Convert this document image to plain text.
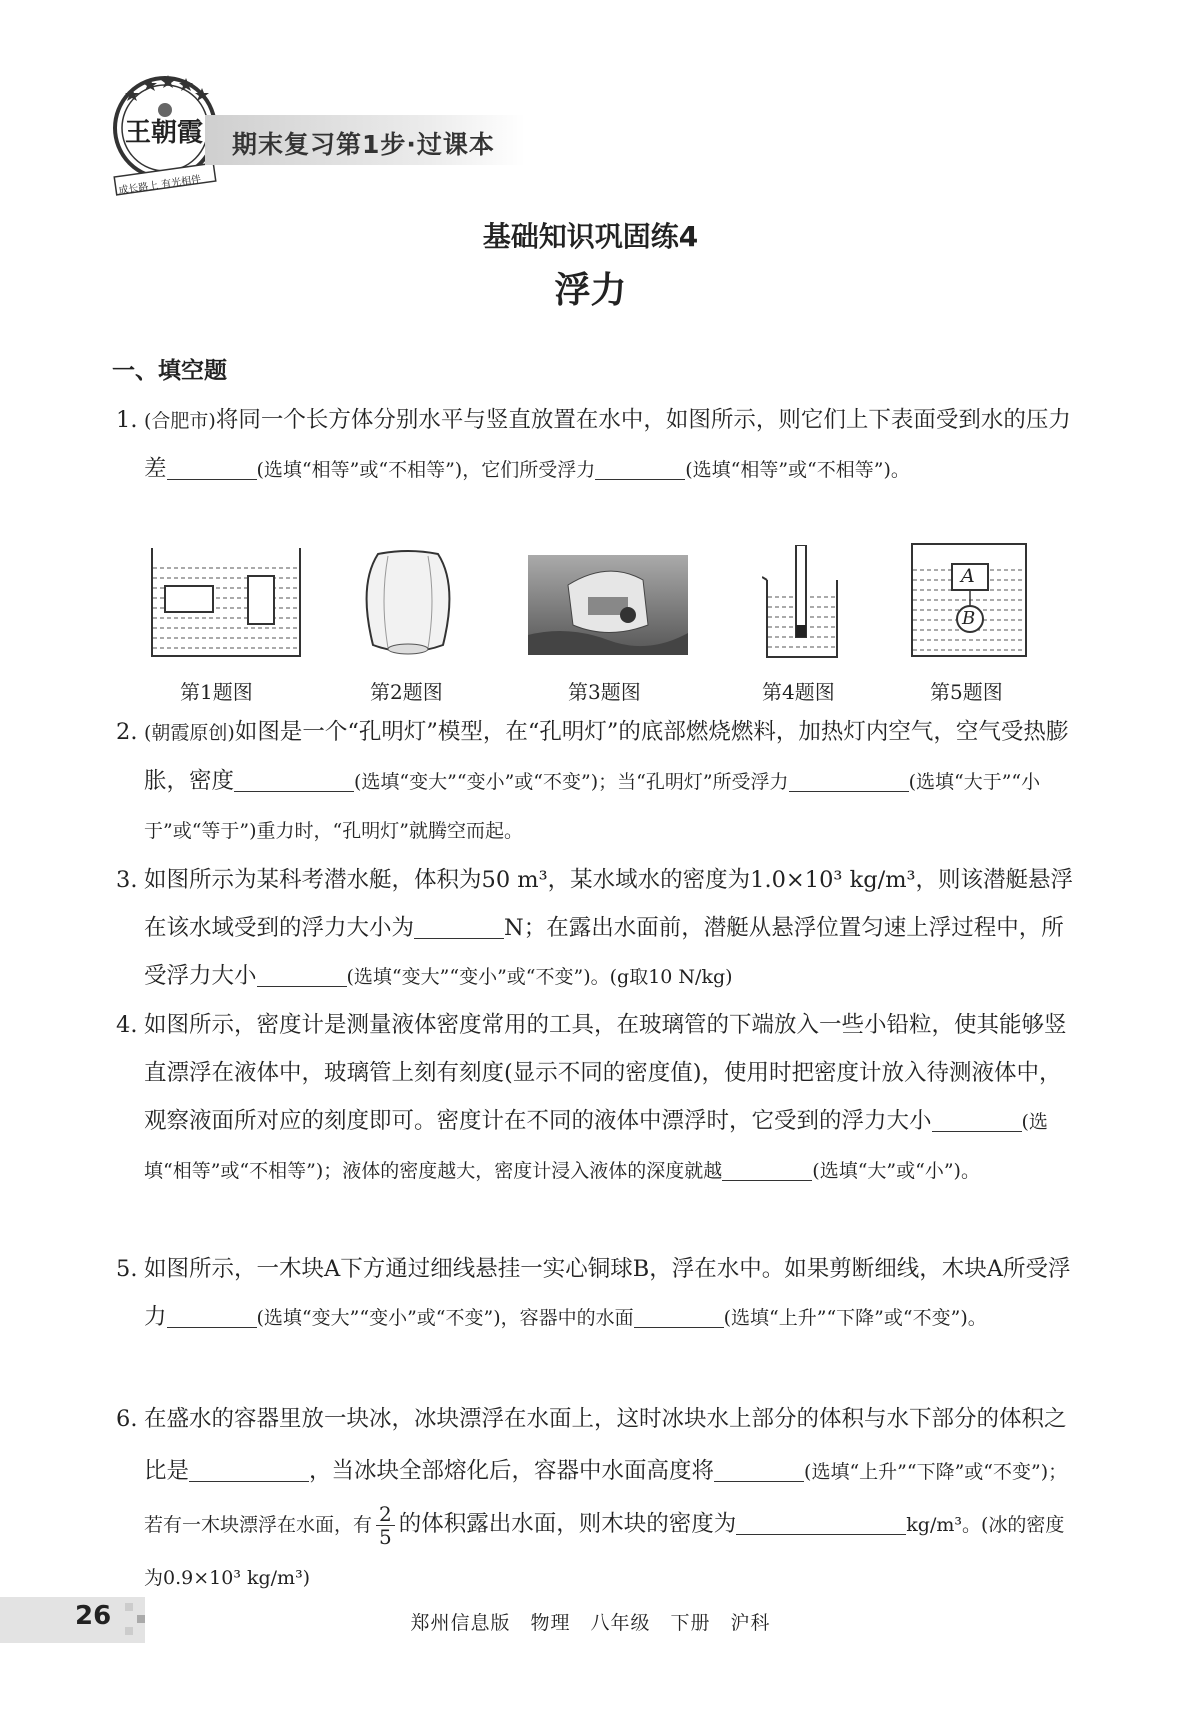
王朝霞
成长路上 有光相伴
期末复习第1步·过课本
基础知识巩固练4
浮力
一、填空题
1. (合肥市)将同一个长方体分别水平与竖直放置在水中，如图所示，则它们上下表面受到水的压力差	(选填“相等”或“不相等”)，它们所受浮力	(选填“相等”或“不相等”)。
A
B
第1题图	第2题图	第3题图	第4题图	第5题图
2. (朝霞原创)如图是一个“孔明灯”模型，在“孔明灯”的底部燃烧燃料，加热灯内空气，空气受热膨胀，密度	(选填“变大”“变小”或“不变”)；当“孔明灯”所受浮力	(选填“大于”“小于”或“等于”)重力时，“孔明灯”就腾空而起。
3. 如图所示为某科考潜水艇，体积为50 m³，某水域水的密度为1.0×10³ kg/m³，则该潜艇悬浮在该水域受到的浮力大小为	N；在露出水面前，潜艇从悬浮位置匀速上浮过程中，所受浮力大小	(选填“变大”“变小”或“不变”)。(g取10 N/kg)
4. 如图所示，密度计是测量液体密度常用的工具，在玻璃管的下端放入一些小铅粒，使其能够竖直漂浮在液体中，玻璃管上刻有刻度(显示不同的密度值)，使用时把密度计放入待测液体中，观察液面所对应的刻度即可。密度计在不同的液体中漂浮时，它受到的浮力大小	(选填“相等”或“不相等”)；液体的密度越大，密度计浸入液体的深度就越	(选填“大”或“小”)。
5. 如图所示，一木块A下方通过细线悬挂一实心铜球B，浮在水中。如果剪断细线，木块A所受浮力	(选填“变大”“变小”或“不变”)，容器中的水面	(选填“上升”“下降”或“不变”)。
6. 在盛水的容器里放一块冰，冰块漂浮在水面上，这时冰块水上部分的体积与水下部分的体积之比是	，当冰块全部熔化后，容器中水面高度将	(选填“上升”“下降”或“不变”)；若有一木块漂浮在水面，有 $\frac{2}{5}$ 的体积露出水面，则木块的密度为	kg/m³。(冰的密度为0.9×10³ kg/m³)
26	郑州信息版　物理　八年级　下册　沪科
